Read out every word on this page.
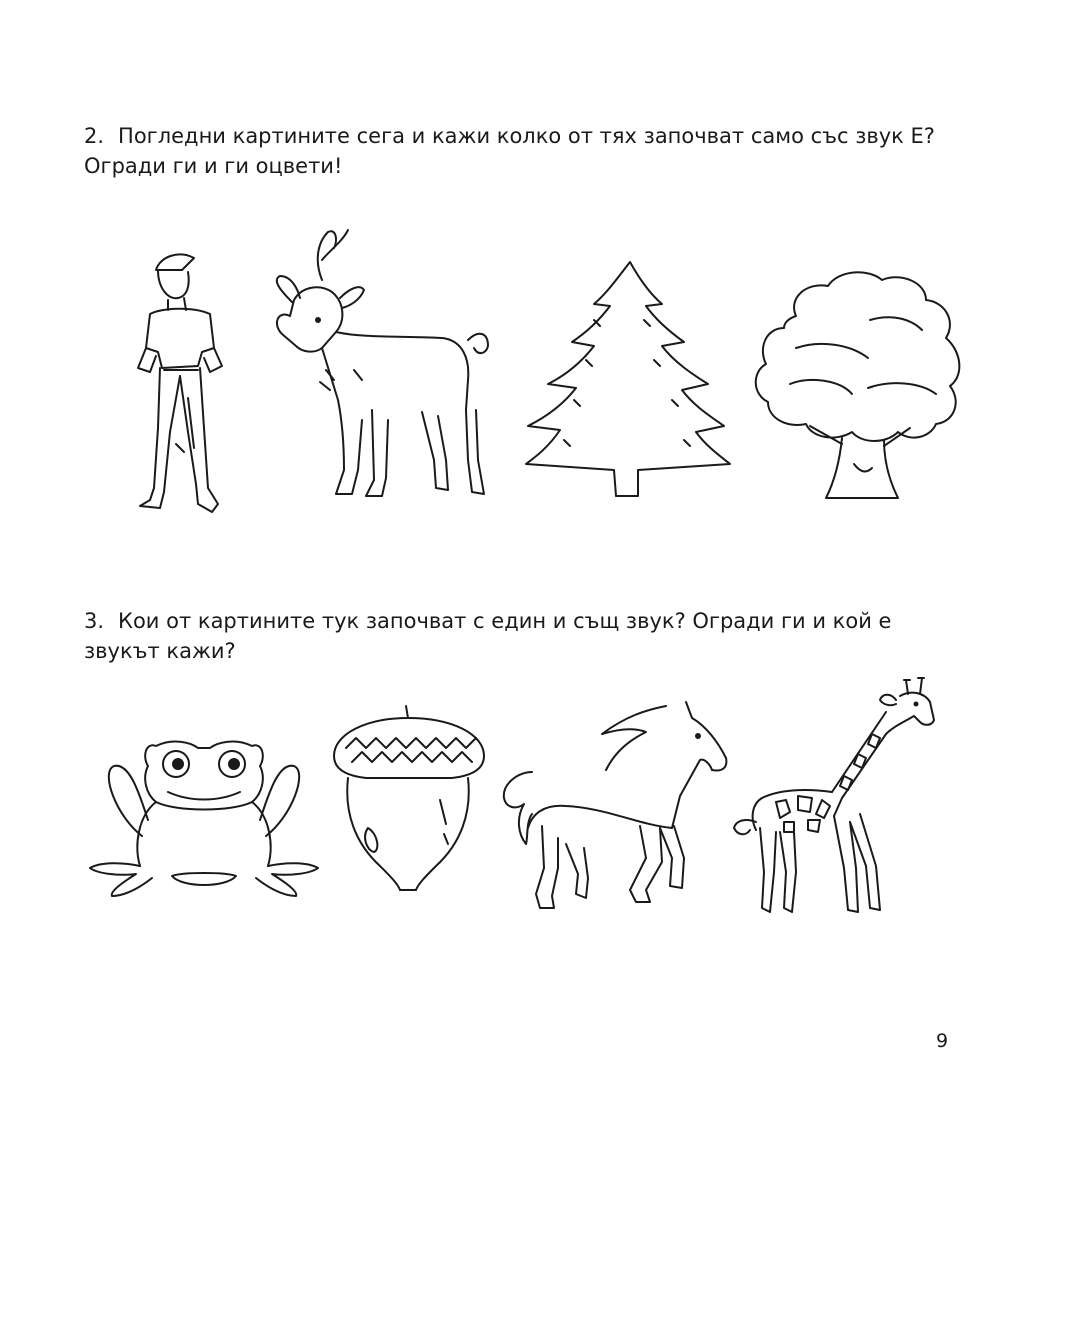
2. Погледни картините сега и кажи колко от тях започват само със звук Е? Огради ги и ги оцвети!
3. Кои от картините тук започват с един и същ звук? Огради ги и кой е звукът кажи?
9
